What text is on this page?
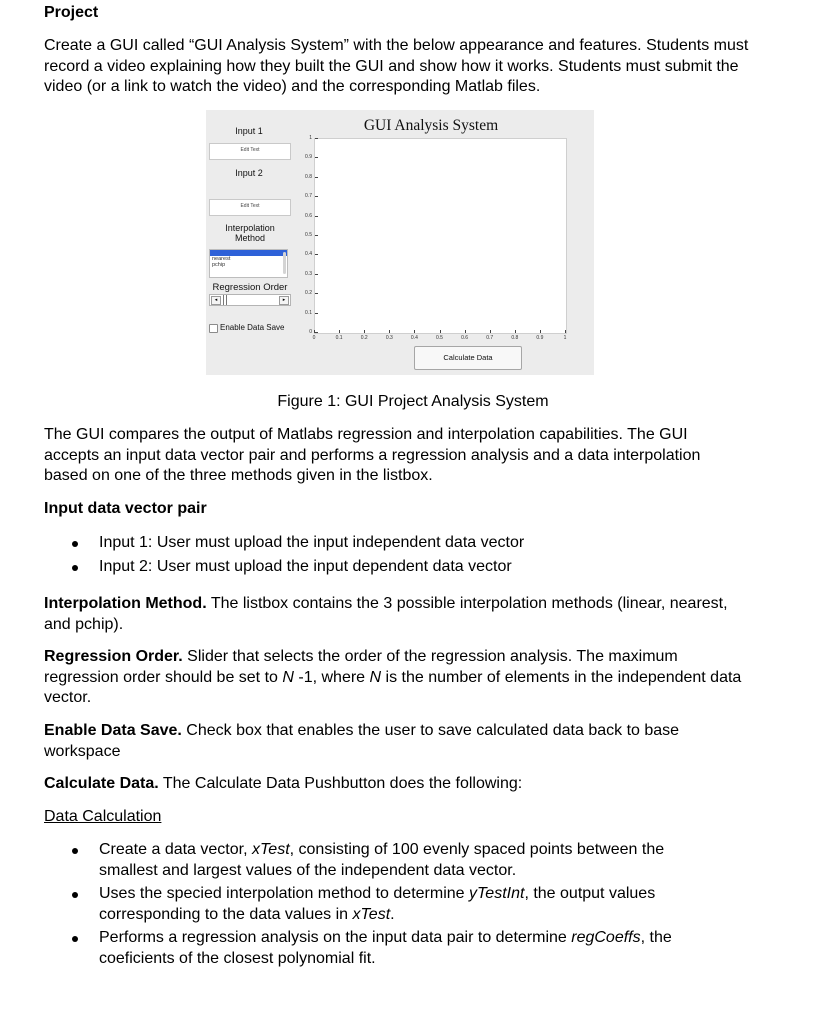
Project
Create a GUI called “GUI Analysis System” with the below appearance and features. Students must record a video explaining how they built the GUI and show how it works. Students must submit the video (or a link to watch the video) and the corresponding Matlab files.
GUI Analysis System
Input 1
Edit Text
Input 2
Edit Text
Interpolation
Method
linear
nearest
pchip
Regression Order
◂	▸
Enable Data Save	0
0.1
0.2
0.3
0.4
0.5
0.6
0.7
0.8
0.9
1
0	0.1	0.2	0.3	0.4	0.5	0.6	0.7	0.8	0.9	1
Calculate Data
Figure 1: GUI Project Analysis System
The GUI compares the output of Matlabs regression and interpolation capabilities. The GUI accepts an input data vector pair and performs a regression analysis and a data interpolation based on one of the three methods given in the listbox.
Input data vector pair
Input 1: User must upload the input independent data vector
Input 2: User must upload the input dependent data vector
Interpolation Method. The listbox contains the 3 possible interpolation methods (linear, nearest, and pchip).
Regression Order. Slider that selects the order of the regression analysis. The maximum regression order should be set to N -1, where N is the number of elements in the independent data vector.
Enable Data Save. Check box that enables the user to save calculated data back to base workspace
Calculate Data. The Calculate Data Pushbutton does the following:
Data Calculation
Create a data vector, xTest, consisting of 100 evenly spaced points between the smallest and largest values of the independent data vector.
Uses the specied interpolation method to determine yTestInt, the output values corresponding to the data values in xTest.
Performs a regression analysis on the input data pair to determine regCoeffs, the coeficients of the closest polynomial fit.
